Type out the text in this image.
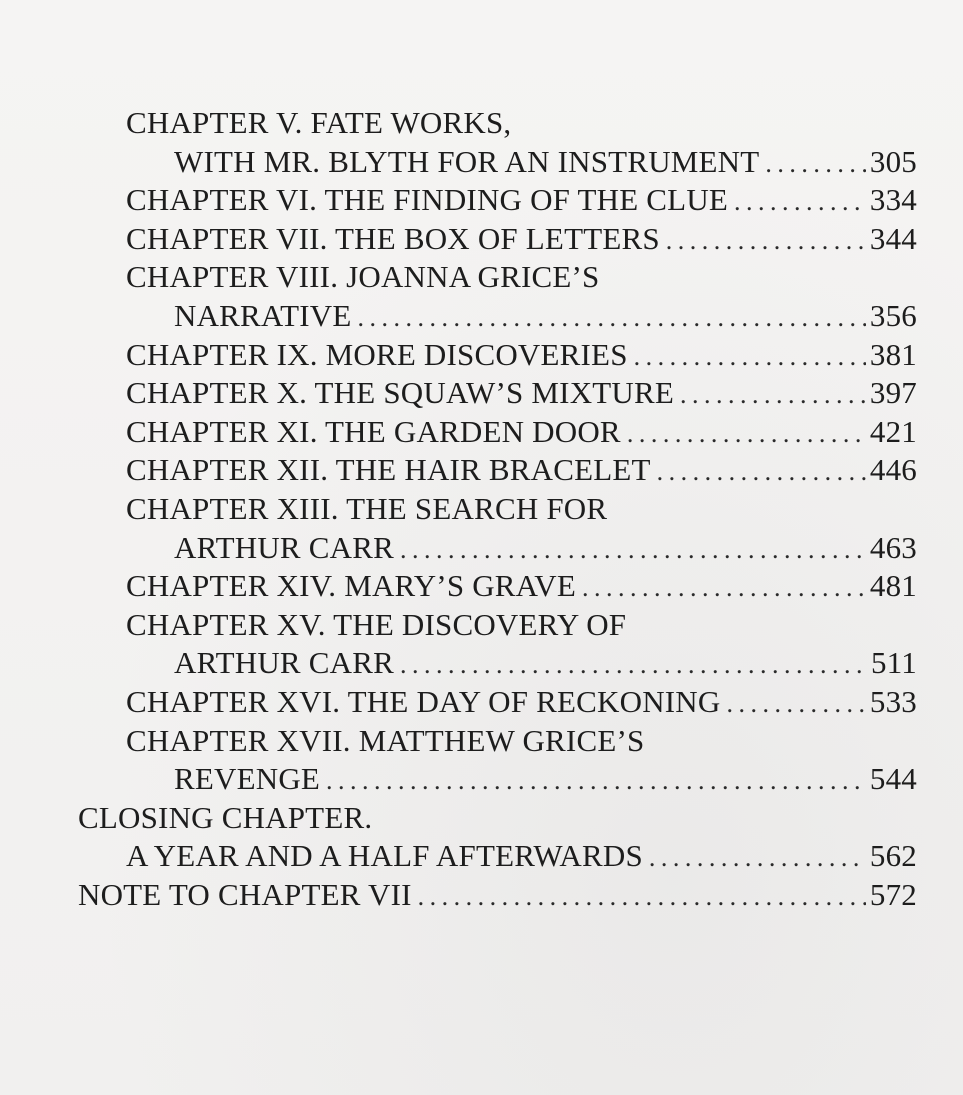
CHAPTER V. FATE WORKS,
WITH MR. BLYTH FOR AN INSTRUMENT . . .	305
CHAPTER VI. THE FINDING OF THE CLUE . . .	334
CHAPTER VII. THE BOX OF LETTERS . . .	344
CHAPTER VIII. JOANNA GRICE’S
NARRATIVE . . .	356
CHAPTER IX. MORE DISCOVERIES . . .	381
CHAPTER X. THE SQUAW’S MIXTURE . . .	397
CHAPTER XI. THE GARDEN DOOR . . .	421
CHAPTER XII. THE HAIR BRACELET . . .	446
CHAPTER XIII. THE SEARCH FOR
ARTHUR CARR . . .	463
CHAPTER XIV. MARY’S GRAVE . . .	481
CHAPTER XV. THE DISCOVERY OF
ARTHUR CARR . . .	511
CHAPTER XVI. THE DAY OF RECKONING . . .	533
CHAPTER XVII. MATTHEW GRICE’S
REVENGE . . .	544
CLOSING CHAPTER.
A YEAR AND A HALF AFTERWARDS . . .	562
NOTE TO CHAPTER VII . . .	572
